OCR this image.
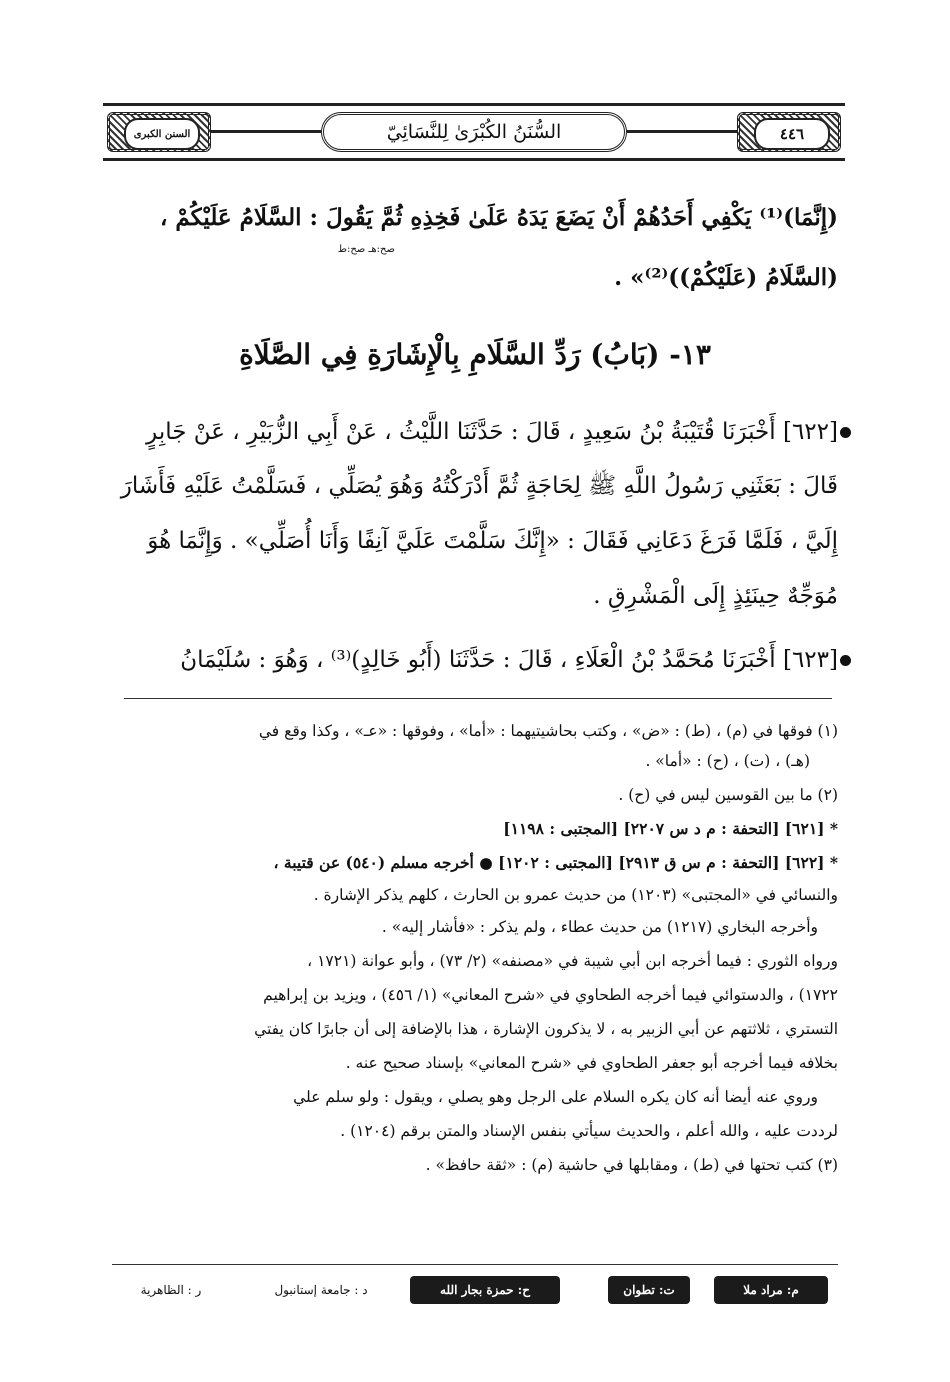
السنن الكبرى	السُّنَنُ الكُبْرَىٰ لِلنَّسَائِيّ	٤٤٦
(إِنَّمَا)⁽¹⁾ يَكْفِي أَحَدُهُمْ أَنْ يَضَعَ يَدَهُ عَلَىٰ فَخِذِهِ ثُمَّ يَقُولَ : السَّلَامُ عَلَيْكُمْ ،
صح:هـ صح:ط
(السَّلَامُ (عَلَيْكُمْ))⁽²⁾» .
١٣- (بَابُ) رَدِّ السَّلَامِ بِالْإِشَارَةِ فِي الصَّلَاةِ
[٦٢٢] أَخْبَرَنَا قُتَيْبَةُ بْنُ سَعِيدٍ ، قَالَ : حَدَّثَنَا اللَّيْثُ ، عَنْ أَبِي الزُّبَيْرِ ، عَنْ جَابِرٍ
قَالَ : بَعَثَنِي رَسُولُ اللَّهِ ﷺ لِحَاجَةٍ ثُمَّ أَدْرَكْتُهُ وَهُوَ يُصَلِّي ، فَسَلَّمْتُ عَلَيْهِ فَأَشَارَ
إِلَيَّ ، فَلَمَّا فَرَغَ دَعَانِي فَقَالَ : «إِنَّكَ سَلَّمْتَ عَلَيَّ آنِفًا وَأَنَا أُصَلِّي» . وَإِنَّمَا هُوَ
مُوَجِّهٌ حِينَئِذٍ إِلَى الْمَشْرِقِ .
[٦٢٣] أَخْبَرَنَا مُحَمَّدُ بْنُ الْعَلَاءِ ، قَالَ : حَدَّثَنَا (أَبُو خَالِدٍ)⁽³⁾ ، وَهُوَ : سُلَيْمَانُ
(١) فوقها في (م) ، (ط) : «ض» ، وكتب بحاشيتيهما : «أما» ، وفوقها : «عـ» ، وكذا وقع في
(هـ) ، (ت) ، (ح) : «أما» .
(٢) ما بين القوسين ليس في (ح) .
* [٦٢١] [التحفة : م د س ٢٢٠٧] [المجتبى : ١١٩٨]
* [٦٢٢] [التحفة : م س ق ٢٩١٣] [المجتبى : ١٢٠٢] ● أخرجه مسلم (٥٤٠) عن قتيبة ،
والنسائي في «المجتبى» (١٢٠٣) من حديث عمرو بن الحارث ، كلهم يذكر الإشارة .
وأخرجه البخاري (١٢١٧) من حديث عطاء ، ولم يذكر : «فأشار إليه» .
ورواه الثوري : فيما أخرجه ابن أبي شيبة في «مصنفه» (٢/ ٧٣) ، وأبو عوانة (١٧٢١ ،
١٧٢٢) ، والدستوائي فيما أخرجه الطحاوي في «شرح المعاني» (١/ ٤٥٦) ، ويزيد بن إبراهيم
التستري ، ثلاثتهم عن أبي الزبير به ، لا يذكرون الإشارة ، هذا بالإضافة إلى أن جابرًا كان يفتي
بخلافه فيما أخرجه أبو جعفر الطحاوي في «شرح المعاني» بإسناد صحيح عنه .
وروي عنه أيضا أنه كان يكره السلام على الرجل وهو يصلي ، ويقول : ولو سلم علي
لرددت عليه ، والله أعلم ، والحديث سيأتي بنفس الإسناد والمتن برقم (١٢٠٤) .
(٣) كتب تحتها في (ط) ، ومقابلها في حاشية (م) : «ثقة حافظ» .
م: مراد ملا
ت: تطوان
ح: حمزة بجار الله
د : جامعة إستانبول
ر : الظاهرية
